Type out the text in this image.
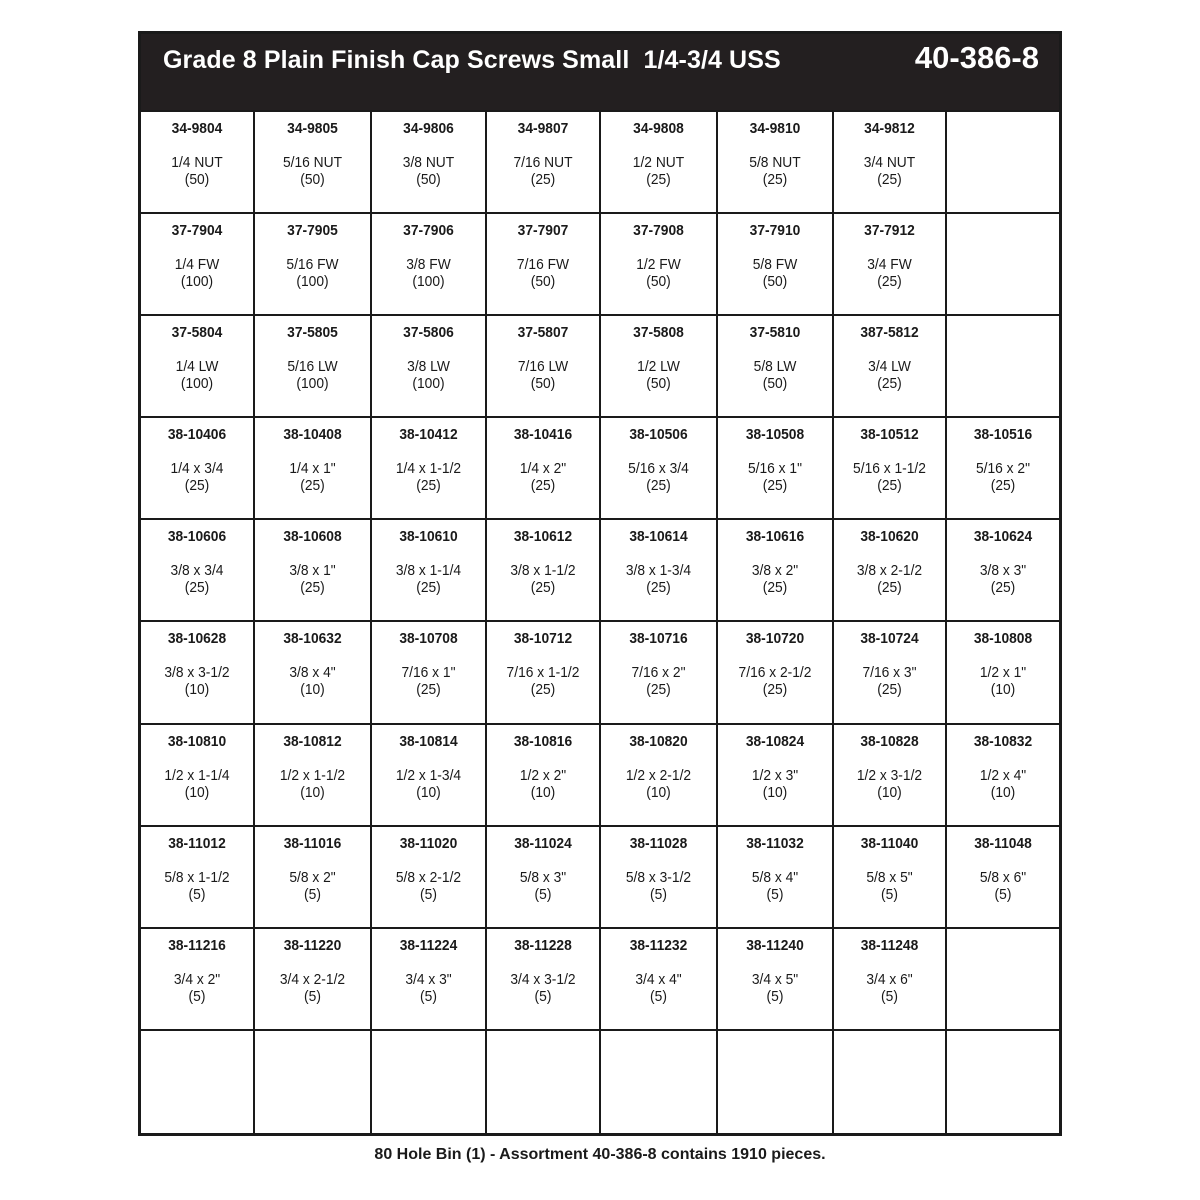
Grade 8 Plain Finish Cap Screws Small  1/4-3/4 USS	40-386-8
34-9804
1/4 NUT
(50)
34-9805
5/16 NUT
(50)
34-9806
3/8 NUT
(50)
34-9807
7/16 NUT
(25)
34-9808
1/2 NUT
(25)
34-9810
5/8 NUT
(25)
34-9812
3/4 NUT
(25)
37-7904
1/4 FW
(100)
37-7905
5/16 FW
(100)
37-7906
3/8 FW
(100)
37-7907
7/16 FW
(50)
37-7908
1/2 FW
(50)
37-7910
5/8 FW
(50)
37-7912
3/4 FW
(25)
37-5804
1/4 LW
(100)
37-5805
5/16 LW
(100)
37-5806
3/8 LW
(100)
37-5807
7/16 LW
(50)
37-5808
1/2 LW
(50)
37-5810
5/8 LW
(50)
387-5812
3/4 LW
(25)
38-10406
1/4 x 3/4
(25)
38-10408
1/4 x 1"
(25)
38-10412
1/4 x 1-1/2
(25)
38-10416
1/4 x 2"
(25)
38-10506
5/16 x 3/4
(25)
38-10508
5/16 x 1"
(25)
38-10512
5/16 x 1-1/2
(25)
38-10516
5/16 x 2"
(25)
38-10606
3/8 x 3/4
(25)
38-10608
3/8 x 1"
(25)
38-10610
3/8 x 1-1/4
(25)
38-10612
3/8 x 1-1/2
(25)
38-10614
3/8 x 1-3/4
(25)
38-10616
3/8 x 2"
(25)
38-10620
3/8 x 2-1/2
(25)
38-10624
3/8 x 3"
(25)
38-10628
3/8 x 3-1/2
(10)
38-10632
3/8 x 4"
(10)
38-10708
7/16 x 1"
(25)
38-10712
7/16 x 1-1/2
(25)
38-10716
7/16 x 2"
(25)
38-10720
7/16 x 2-1/2
(25)
38-10724
7/16 x 3"
(25)
38-10808
1/2 x 1"
(10)
38-10810
1/2 x 1-1/4
(10)
38-10812
1/2 x 1-1/2
(10)
38-10814
1/2 x 1-3/4
(10)
38-10816
1/2 x 2"
(10)
38-10820
1/2 x 2-1/2
(10)
38-10824
1/2 x 3"
(10)
38-10828
1/2 x 3-1/2
(10)
38-10832
1/2 x 4"
(10)
38-11012
5/8 x 1-1/2
(5)
38-11016
5/8 x 2"
(5)
38-11020
5/8 x 2-1/2
(5)
38-11024
5/8 x 3"
(5)
38-11028
5/8 x 3-1/2
(5)
38-11032
5/8 x 4"
(5)
38-11040
5/8 x 5"
(5)
38-11048
5/8 x 6"
(5)
38-11216
3/4 x 2"
(5)
38-11220
3/4 x 2-1/2
(5)
38-11224
3/4 x 3"
(5)
38-11228
3/4 x 3-1/2
(5)
38-11232
3/4 x 4"
(5)
38-11240
3/4 x 5"
(5)
38-11248
3/4 x 6"
(5)
80 Hole Bin (1) - Assortment 40-386-8 contains 1910 pieces.
